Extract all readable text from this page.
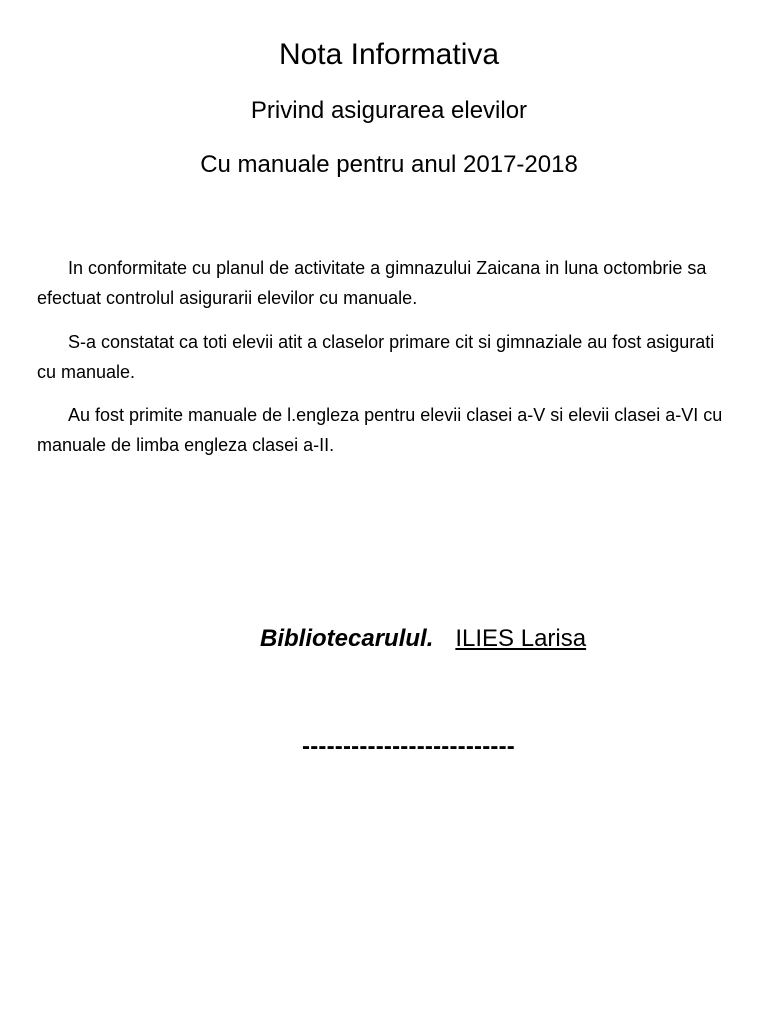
Nota Informativa
Privind asigurarea elevilor
Cu manuale pentru anul 2017-2018

In conformitate cu planul de activitate a gimnazului Zaicana in luna octombrie sa efectuat controlul asigurarii elevilor cu manuale.

S-a constatat ca toti elevii atit a claselor primare cit si gimnaziale au fost asigurati cu manuale.

Au fost primite manuale de l.engleza pentru elevii clasei a-V si elevii clasei a-VI cu manuale de limba engleza clasei a-II.

Bibliotecarulul. ILIES Larisa
--------------------------
